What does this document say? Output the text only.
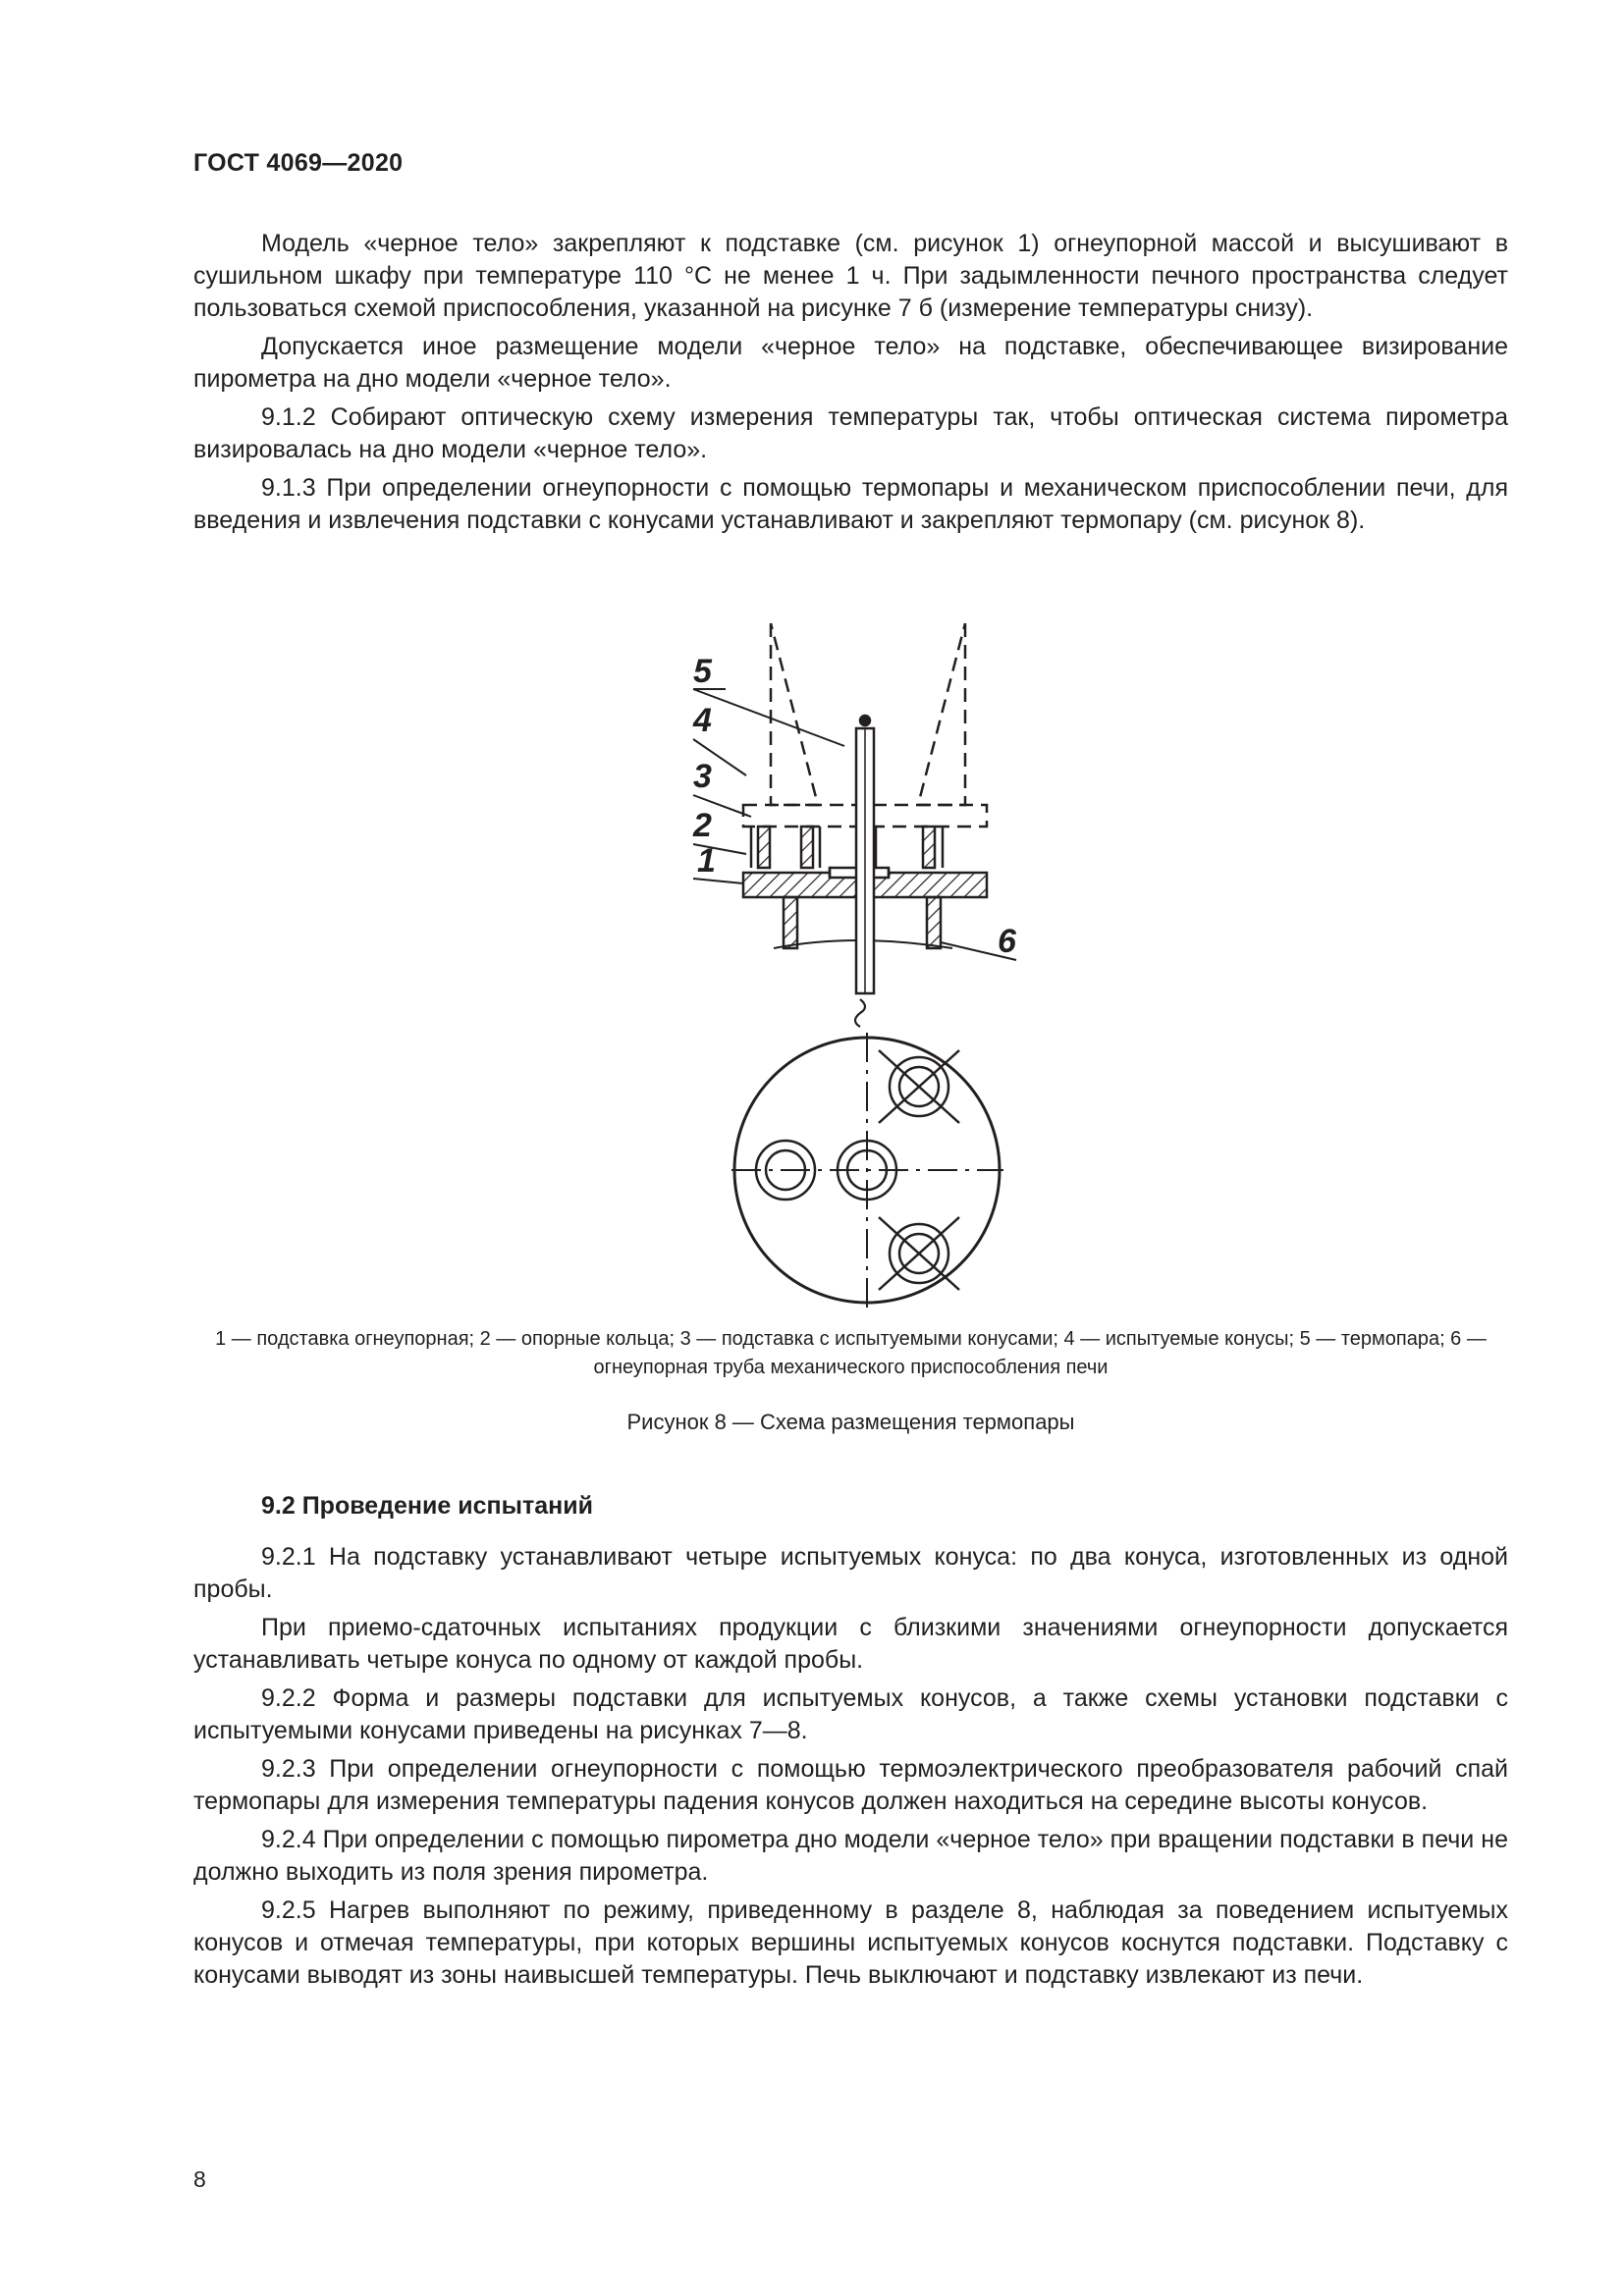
ГОСТ 4069—2020

Модель «черное тело» закрепляют к подставке (см. рисунок 1) огнеупорной массой и высушивают в сушильном шкафу при температуре 110 °С не менее 1 ч. При задымленности печного пространства следует пользоваться схемой приспособления, указанной на рисунке 7 б (измерение температуры снизу).

Допускается иное размещение модели «черное тело» на подставке, обеспечивающее визирование пирометра на дно модели «черное тело».

9.1.2 Собирают оптическую схему измерения температуры так, чтобы оптическая система пирометра визировалась на дно модели «черное тело».

9.1.3 При определении огнеупорности с помощью термопары и механическом приспособлении печи, для введения и извлечения подставки с конусами устанавливают и закрепляют термопару (см. рисунок 8).

5
4
3
2
1
6
1 — подставка огнеупорная; 2 — опорные кольца; 3 — подставка с испытуемыми конусами; 4 — испытуемые конусы; 5 — термопара; 6 — огнеупорная труба механического приспособления печи
Рисунок 8 — Схема размещения термопары
9.2 Проведение испытаний

9.2.1 На подставку устанавливают четыре испытуемых конуса: по два конуса, изготовленных из одной пробы.

При приемо-сдаточных испытаниях продукции с близкими значениями огнеупорности допускается устанавливать четыре конуса по одному от каждой пробы.

9.2.2 Форма и размеры подставки для испытуемых конусов, а также схемы установки подставки с испытуемыми конусами приведены на рисунках 7—8.

9.2.3 При определении огнеупорности с помощью термоэлектрического преобразователя рабочий спай термопары для измерения температуры падения конусов должен находиться на середине высоты конусов.

9.2.4 При определении с помощью пирометра дно модели «черное тело» при вращении подставки в печи не должно выходить из поля зрения пирометра.

9.2.5 Нагрев выполняют по режиму, приведенному в разделе 8, наблюдая за поведением испытуемых конусов и отмечая температуры, при которых вершины испытуемых конусов коснутся подставки. Подставку с конусами выводят из зоны наивысшей температуры. Печь выключают и подставку извлекают из печи.

8
